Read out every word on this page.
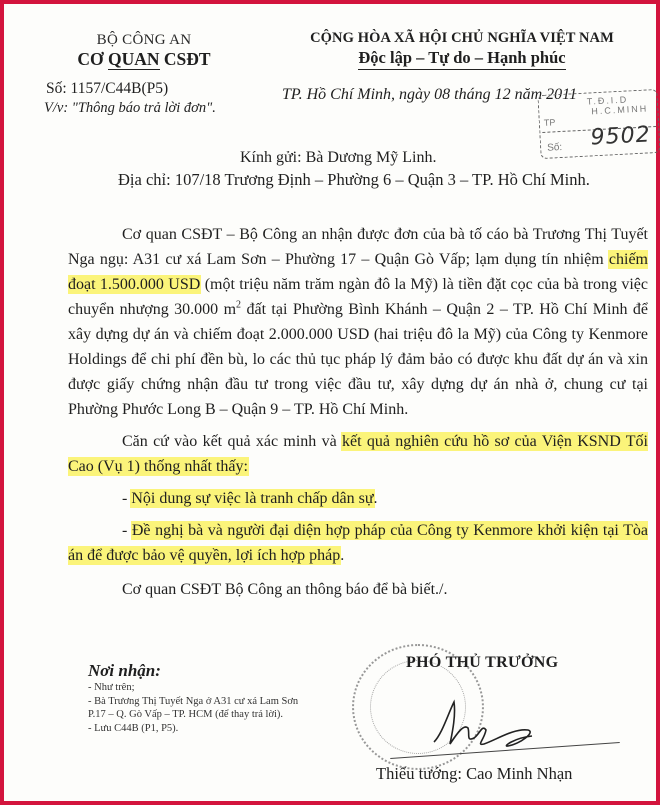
BỘ CÔNG AN
CƠ QUAN CSĐT
Số: 1157/C44B(P5)
V/v: "Thông báo trả lời đơn".
CỘNG HÒA XÃ HỘI CHỦ NGHĨA VIỆT NAM
Độc lập – Tự do – Hạnh phúc
TP. Hồ Chí Minh, ngày 08 tháng 12 năm 2011 T.Đ.I.D
H.C.MINH
TP
Số: 9502
Kính gửi: Bà Dương Mỹ Linh.
Địa chỉ: 107/18 Trương Định – Phường 6 – Quận 3 – TP. Hồ Chí Minh.

Cơ quan CSĐT – Bộ Công an nhận được đơn của bà tố cáo bà Trương Thị Tuyết Nga ngụ: A31 cư xá Lam Sơn – Phường 17 – Quận Gò Vấp; lạm dụng tín nhiệm chiếm đoạt 1.500.000 USD (một triệu năm trăm ngàn đô la Mỹ) là tiền đặt cọc của bà trong việc chuyển nhượng 30.000 $m^2$ đất tại Phường Bình Khánh – Quận 2 – TP. Hồ Chí Minh để xây dựng dự án và chiếm đoạt 2.000.000 USD (hai triệu đô la Mỹ) của Công ty Kenmore Holdings để chi phí đền bù, lo các thủ tục pháp lý đảm bảo có được khu đất dự án và xin được giấy chứng nhận đầu tư trong việc đầu tư, xây dựng dự án nhà ở, chung cư tại Phường Phước Long B – Quận 9 – TP. Hồ Chí Minh.

Căn cứ vào kết quả xác minh và kết quả nghiên cứu hồ sơ của Viện KSND Tối Cao (Vụ 1) thống nhất thấy:

- Nội dung sự việc là tranh chấp dân sự.

- Đề nghị bà và người đại diện hợp pháp của Công ty Kenmore khởi kiện tại Tòa án để được bảo vệ quyền, lợi ích hợp pháp.

Cơ quan CSĐT Bộ Công an thông báo để bà biết./.

Nơi nhận:
- Như trên;
- Bà Trương Thị Tuyết Nga ở A31 cư xá Lam Sơn
P.17 – Q. Gò Vấp – TP. HCM (để thay trả lời).
- Lưu C44B (P1, P5).
PHÓ THỦ TRƯỞNG
Thiếu tướng: Cao Minh Nhạn
